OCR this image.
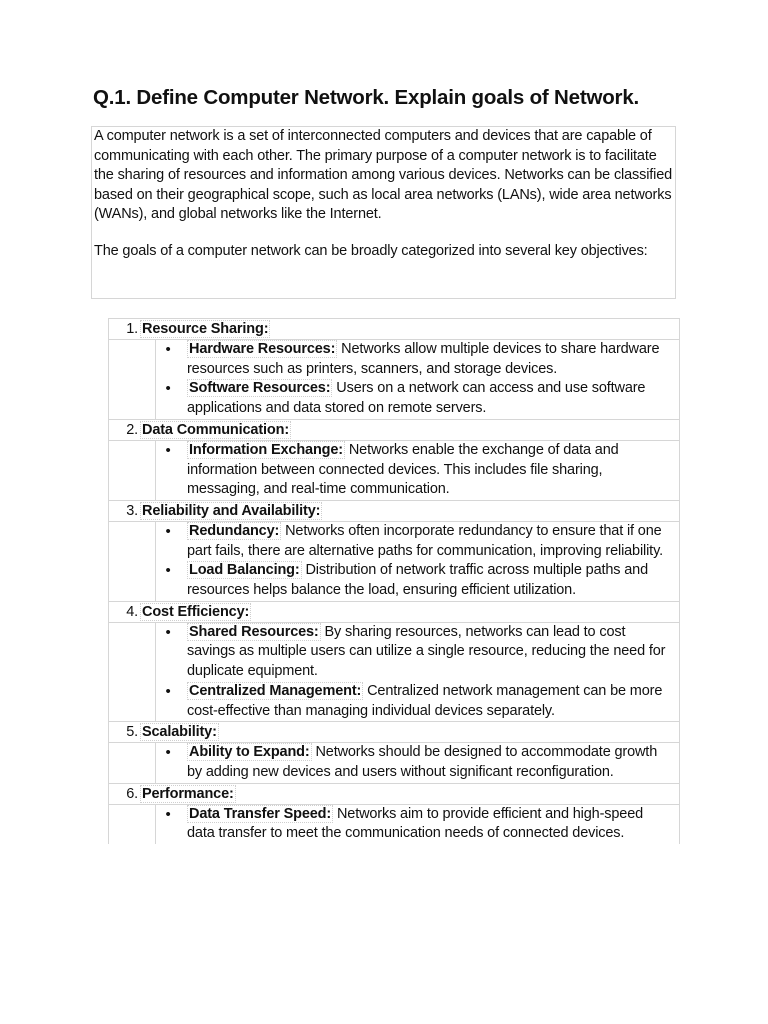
Q.1. Define Computer Network. Explain goals of Network.

A computer network is a set of interconnected computers and devices that are capable of communicating with each other. The primary purpose of a computer network is to facilitate the sharing of resources and information among various devices. Networks can be classified based on their geographical scope, such as local area networks (LANs), wide area networks (WANs), and global networks like the Internet.

The goals of a computer network can be broadly categorized into several key objectives:

1. Resource Sharing:
• Hardware Resources: Networks allow multiple devices to share hardware resources such as printers, scanners, and storage devices.
• Software Resources: Users on a network can access and use software applications and data stored on remote servers.
2. Data Communication:
• Information Exchange: Networks enable the exchange of data and information between connected devices. This includes file sharing, messaging, and real-time communication.
3. Reliability and Availability:
• Redundancy: Networks often incorporate redundancy to ensure that if one part fails, there are alternative paths for communication, improving reliability.
• Load Balancing: Distribution of network traffic across multiple paths and resources helps balance the load, ensuring efficient utilization.
4. Cost Efficiency:
• Shared Resources: By sharing resources, networks can lead to cost savings as multiple users can utilize a single resource, reducing the need for duplicate equipment.
• Centralized Management: Centralized network management can be more cost-effective than managing individual devices separately.
5. Scalability:
• Ability to Expand: Networks should be designed to accommodate growth by adding new devices and users without significant reconfiguration.
6. Performance:
• Data Transfer Speed: Networks aim to provide efficient and high-speed data transfer to meet the communication needs of connected devices.
